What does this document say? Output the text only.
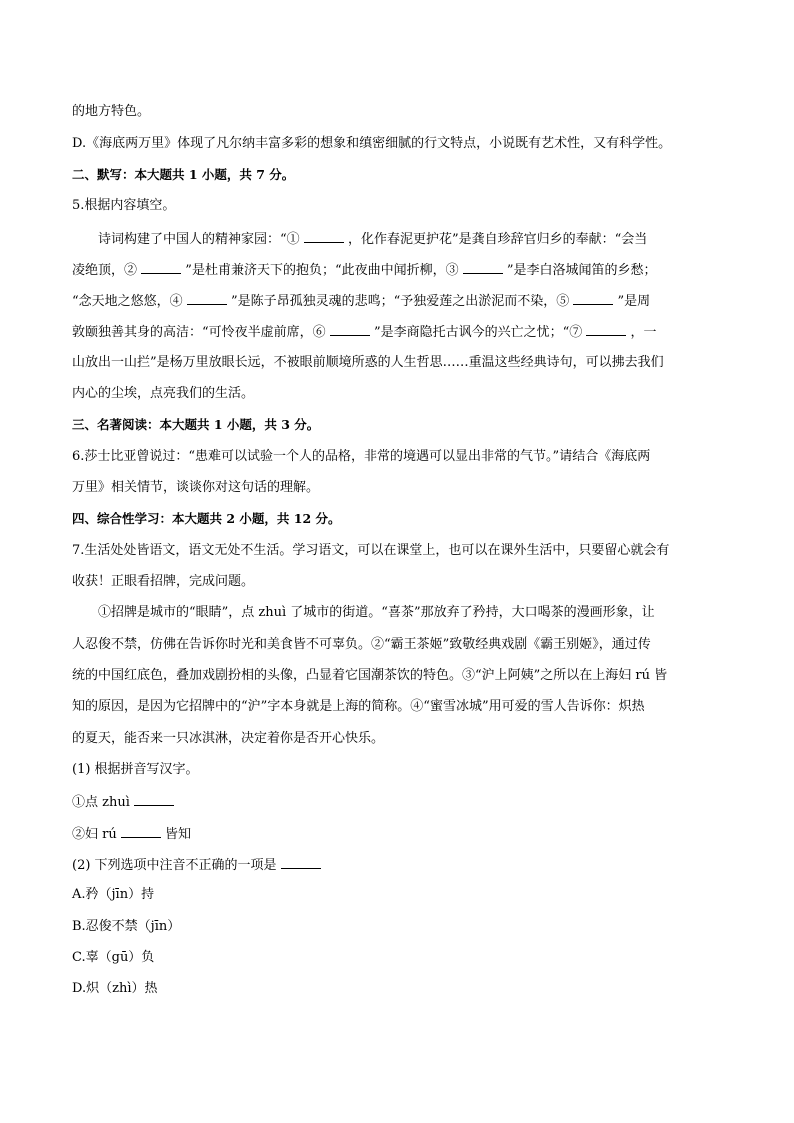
的地方特色。
D.《海底两万里》体现了凡尔纳丰富多彩的想象和缜密细腻的行文特点，小说既有艺术性，又有科学性。
二、默写：本大题共 1 小题，共 7 分。
5.根据内容填空。
诗词构建了中国人的精神家园：“①	，化作春泥更护花”是龚自珍辞官归乡的奉献：“会当
凌绝顶，②	”是杜甫兼济天下的抱负；“此夜曲中闻折柳，③	”是李白洛城闻笛的乡愁；
“念天地之悠悠，④	”是陈子昂孤独灵魂的悲鸣；“予独爱莲之出淤泥而不染，⑤	”是周
敦颐独善其身的高洁：“可怜夜半虚前席，⑥	”是李商隐托古讽今的兴亡之忧；“⑦	，一
山放出一山拦”是杨万里放眼长远，不被眼前顺境所惑的人生哲思……重温这些经典诗句，可以拂去我们
内心的尘埃，点亮我们的生活。
三、名著阅读：本大题共 1 小题，共 3 分。
6.莎士比亚曾说过：“患难可以试验一个人的品格，非常的境遇可以显出非常的气节。”请结合《海底两
万里》相关情节，谈谈你对这句话的理解。
四、综合性学习：本大题共 2 小题，共 12 分。
7.生活处处皆语文，语文无处不生活。学习语文，可以在课堂上，也可以在课外生活中，只要留心就会有
收获！正眼看招牌，完成问题。
①招牌是城市的“眼睛”，点 zhuì 了城市的街道。“喜茶”那放弃了矜持，大口喝茶的漫画形象，让
人忍俊不禁，仿佛在告诉你时光和美食皆不可辜负。②“霸王茶姬”致敬经典戏剧《霸王别姬》，通过传
统的中国红底色，叠加戏剧扮相的头像，凸显着它国潮茶饮的特色。③“沪上阿姨”之所以在上海妇 rú 皆
知的原因，是因为它招牌中的“沪”字本身就是上海的简称。④“蜜雪冰城”用可爱的雪人告诉你：炽热
的夏天，能否来一只冰淇淋，决定着你是否开心快乐。
(1) 根据拼音写汉字。
①点 zhuì
②妇 rú	皆知
(2) 下列选项中注音不正确的一项是
A.矜（jīn）持
B.忍俊不禁（jīn）
C.辜（gū）负
D.炽（zhì）热
